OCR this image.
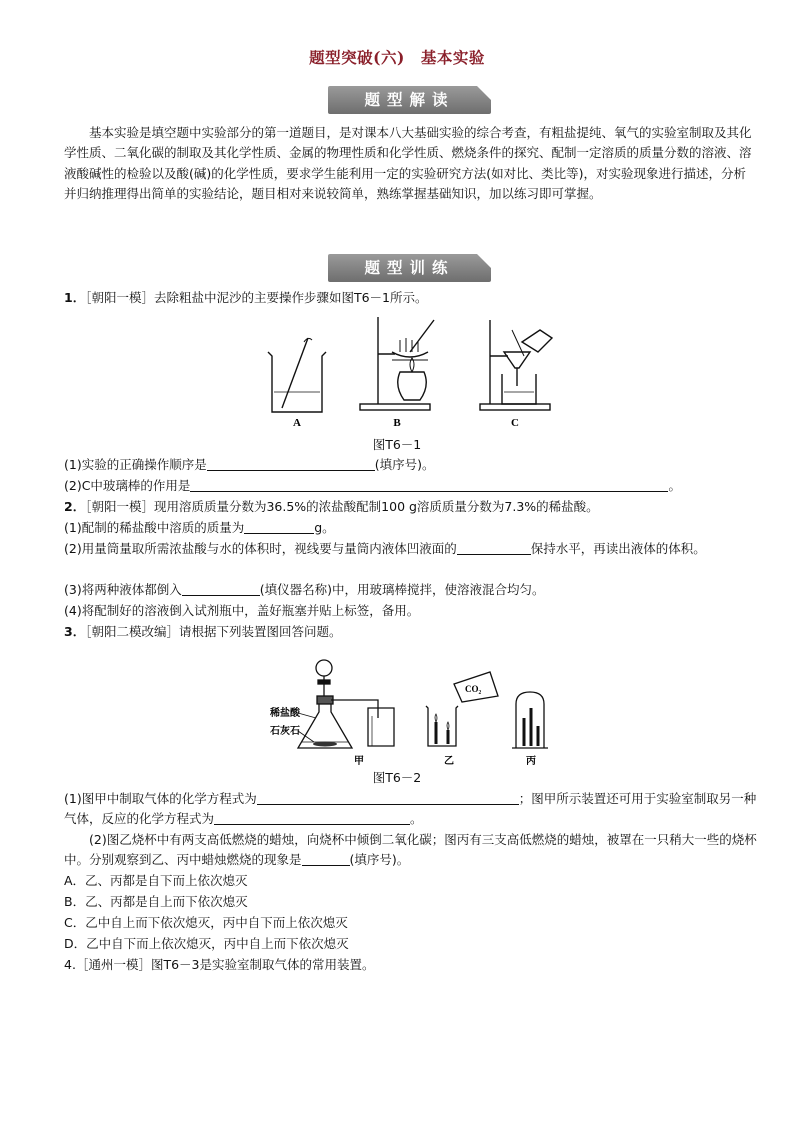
题型突破(六)　基本实验
题型解读
基本实验是填空题中实验部分的第一道题目，是对课本八大基础实验的综合考查，有粗盐提纯、氧气的实验室制取及其化学性质、二氧化碳的制取及其化学性质、金属的物理性质和化学性质、燃烧条件的探究、配制一定溶质的质量分数的溶液、溶液酸碱性的检验以及酸(碱)的化学性质，要求学生能利用一定的实验研究方法(如对比、类比等)，对实验现象进行描述，分析并归纳推理得出简单的实验结论，题目相对来说较简单，熟练掌握基础知识，加以练习即可掌握。
题型训练
1．［朝阳一模］去除粗盐中泥沙的主要操作步骤如图T6－1所示。
A	B	C
图T6－1
(1)实验的正确操作顺序是	(填序号)。
(2)C中玻璃棒的作用是	。
2．［朝阳一模］现用溶质质量分数为36.5%的浓盐酸配制100 g溶质质量分数为7.3%的稀盐酸。
(1)配制的稀盐酸中溶质的质量为	g。
(2)用量筒量取所需浓盐酸与水的体积时，视线要与量筒内液体凹液面的	保持水平，再读出液体的体积。
(3)将两种液体都倒入	(填仪器名称)中，用玻璃棒搅拌，使溶液混合均匀。
(4)将配制好的溶液倒入试剂瓶中，盖好瓶塞并贴上标签，备用。
3．［朝阳二模改编］请根据下列装置图回答问题。
稀盐酸
石灰石
CO₂
甲	乙	丙
图T6－2
(1)图甲中制取气体的化学方程式为	；图甲所示装置还可用于实验室制取另一种气体，反应的化学方程式为	。
(2)图乙烧杯中有两支高低燃烧的蜡烛，向烧杯中倾倒二氧化碳；图丙有三支高低燃烧的蜡烛，被罩在一只稍大一些的烧杯中。分别观察到乙、丙中蜡烛燃烧的现象是	(填序号)。
A．乙、丙都是自下而上依次熄灭
B．乙、丙都是自上而下依次熄灭
C．乙中自上而下依次熄灭，丙中自下而上依次熄灭
D．乙中自下而上依次熄灭，丙中自上而下依次熄灭
4.［通州一模］图T6－3是实验室制取气体的常用装置。
